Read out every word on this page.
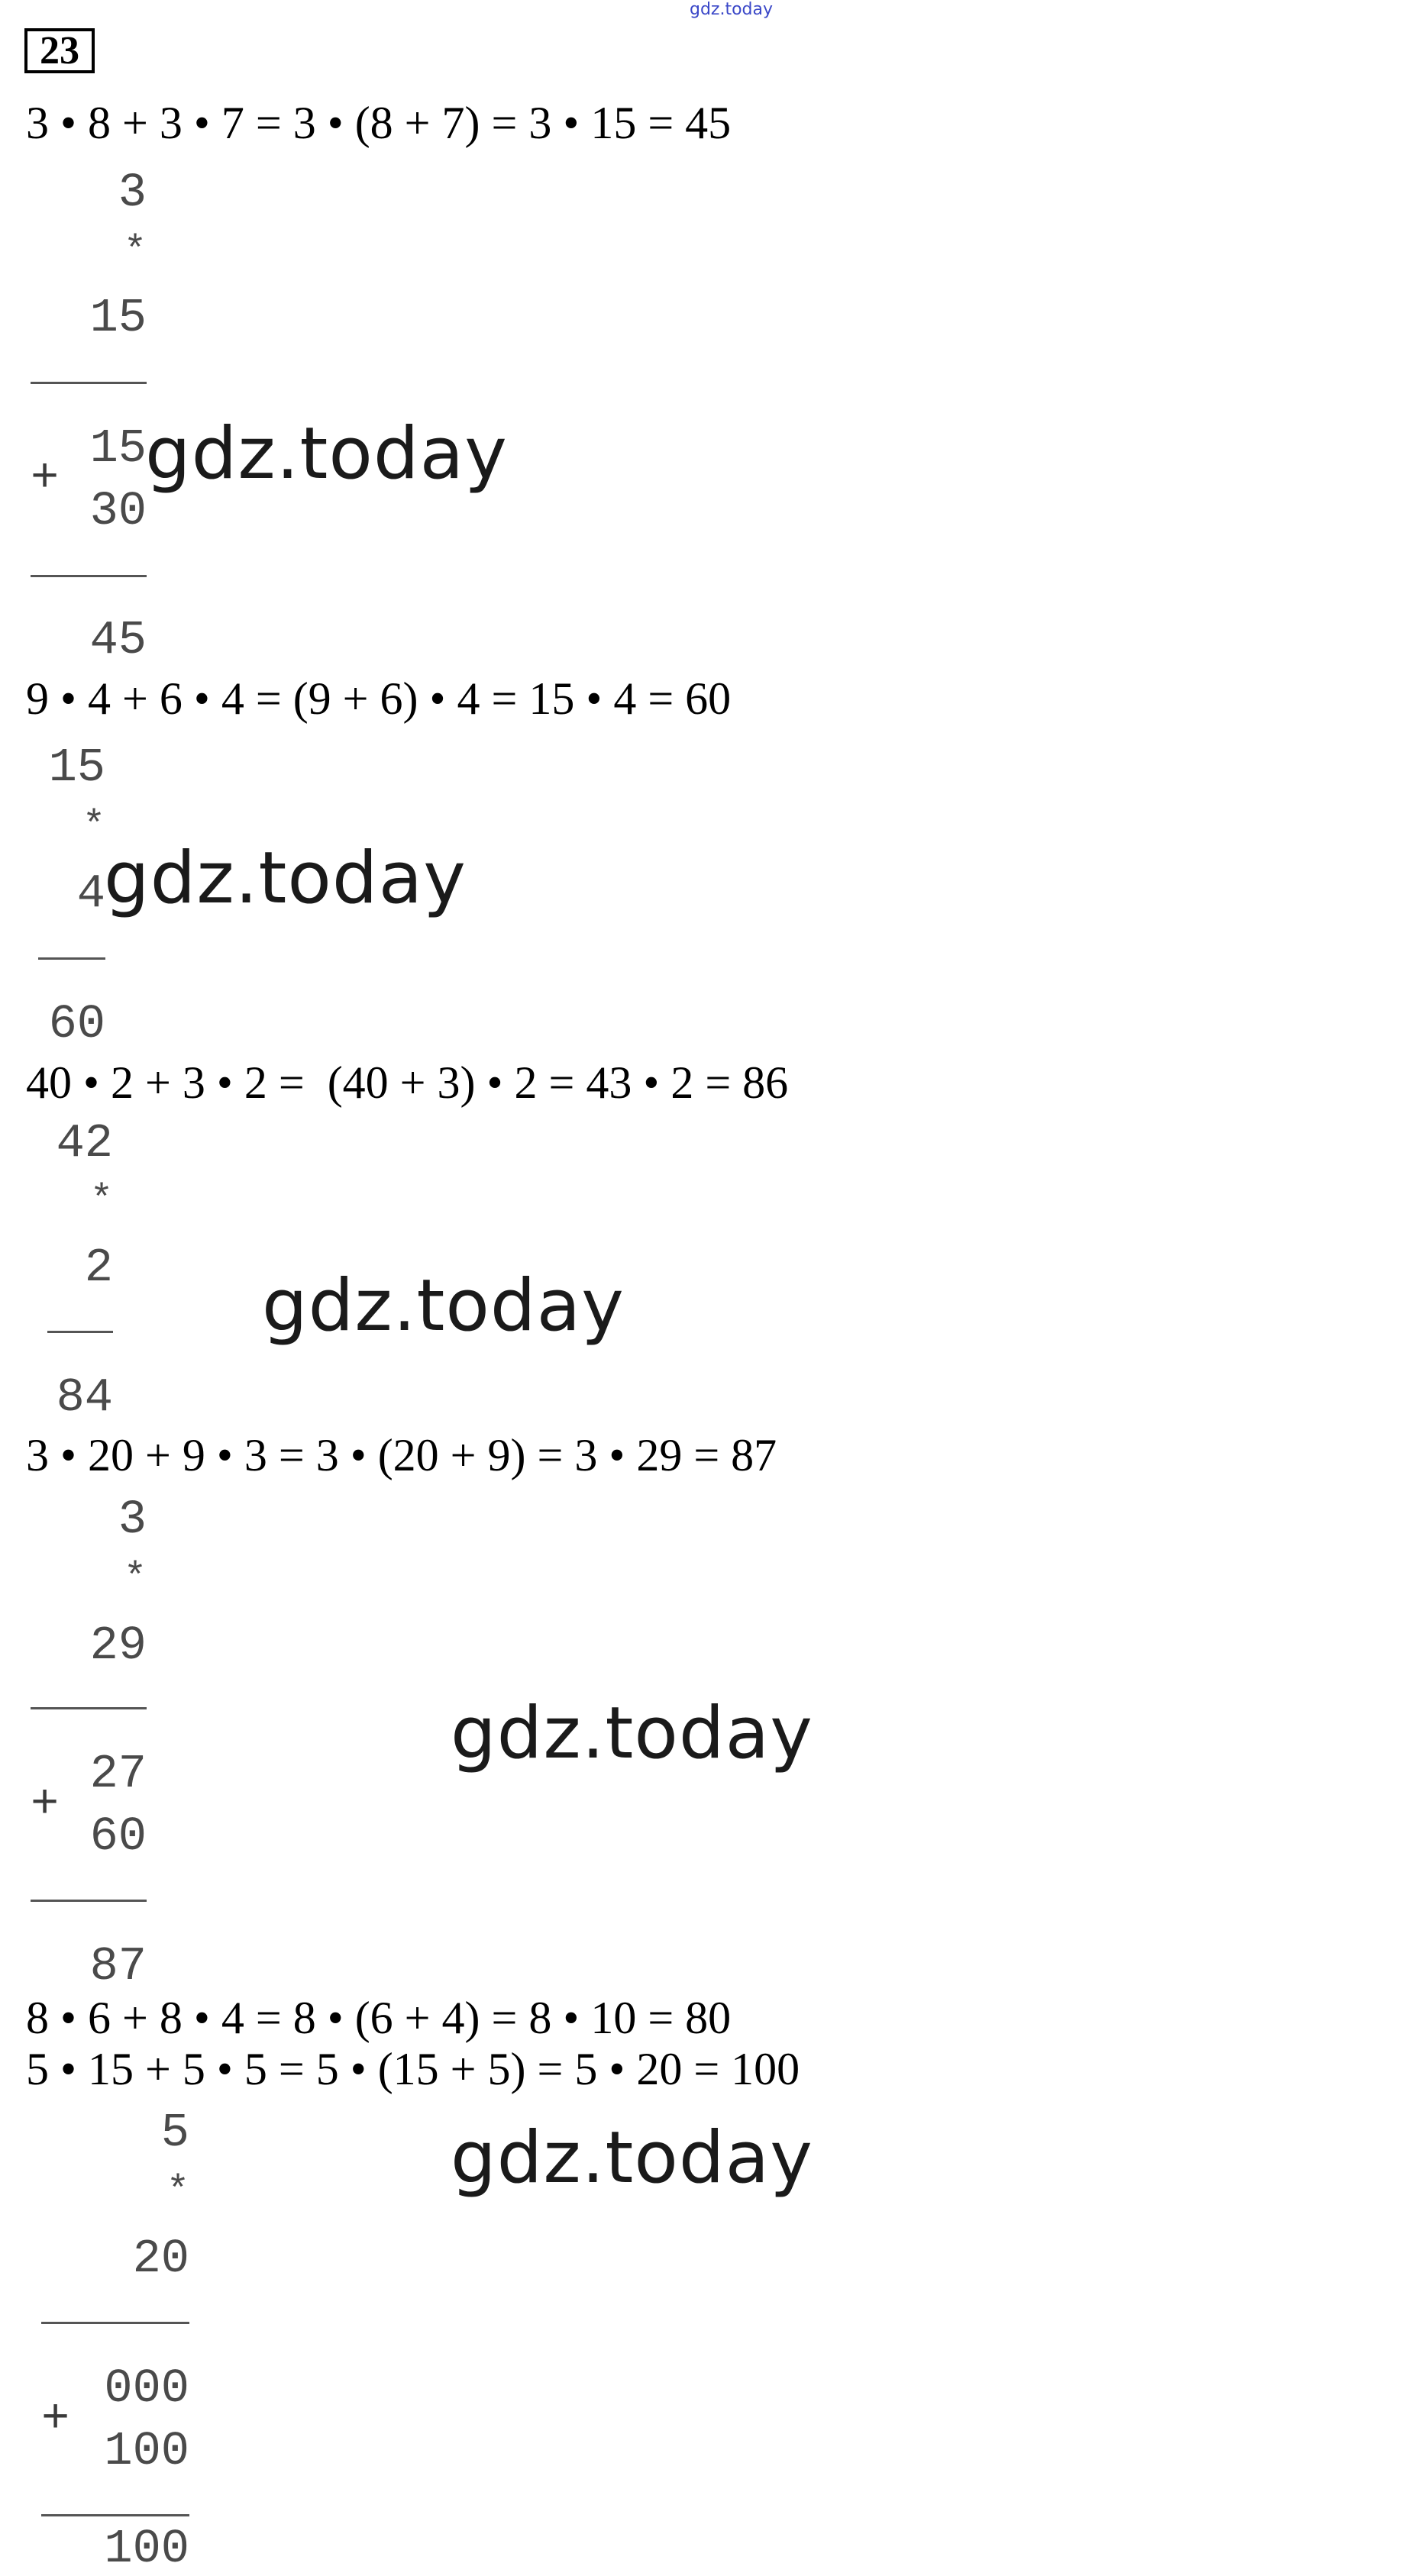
gdz.today
23
3 • 8 + 3 • 7 = 3 • (8 + 7) = 3 • 15 = 45
3
*
15
+
15
30
45
gdz.today
9 • 4 + 6 • 4 = (9 + 6) • 4 = 15 • 4 = 60
15
*
4
60
gdz.today
40 • 2 + 3 • 2 =  (40 + 3) • 2 = 43 • 2 = 86
42
*
2
84
gdz.today
3 • 20 + 9 • 3 = 3 • (20 + 9) = 3 • 29 = 87
3
*
29
+
27
60
87
gdz.today
8 • 6 + 8 • 4 = 8 • (6 + 4) = 8 • 10 = 80
5 • 15 + 5 • 5 = 5 • (15 + 5) = 5 • 20 = 100
5
*
20
+
000
100
100
gdz.today
